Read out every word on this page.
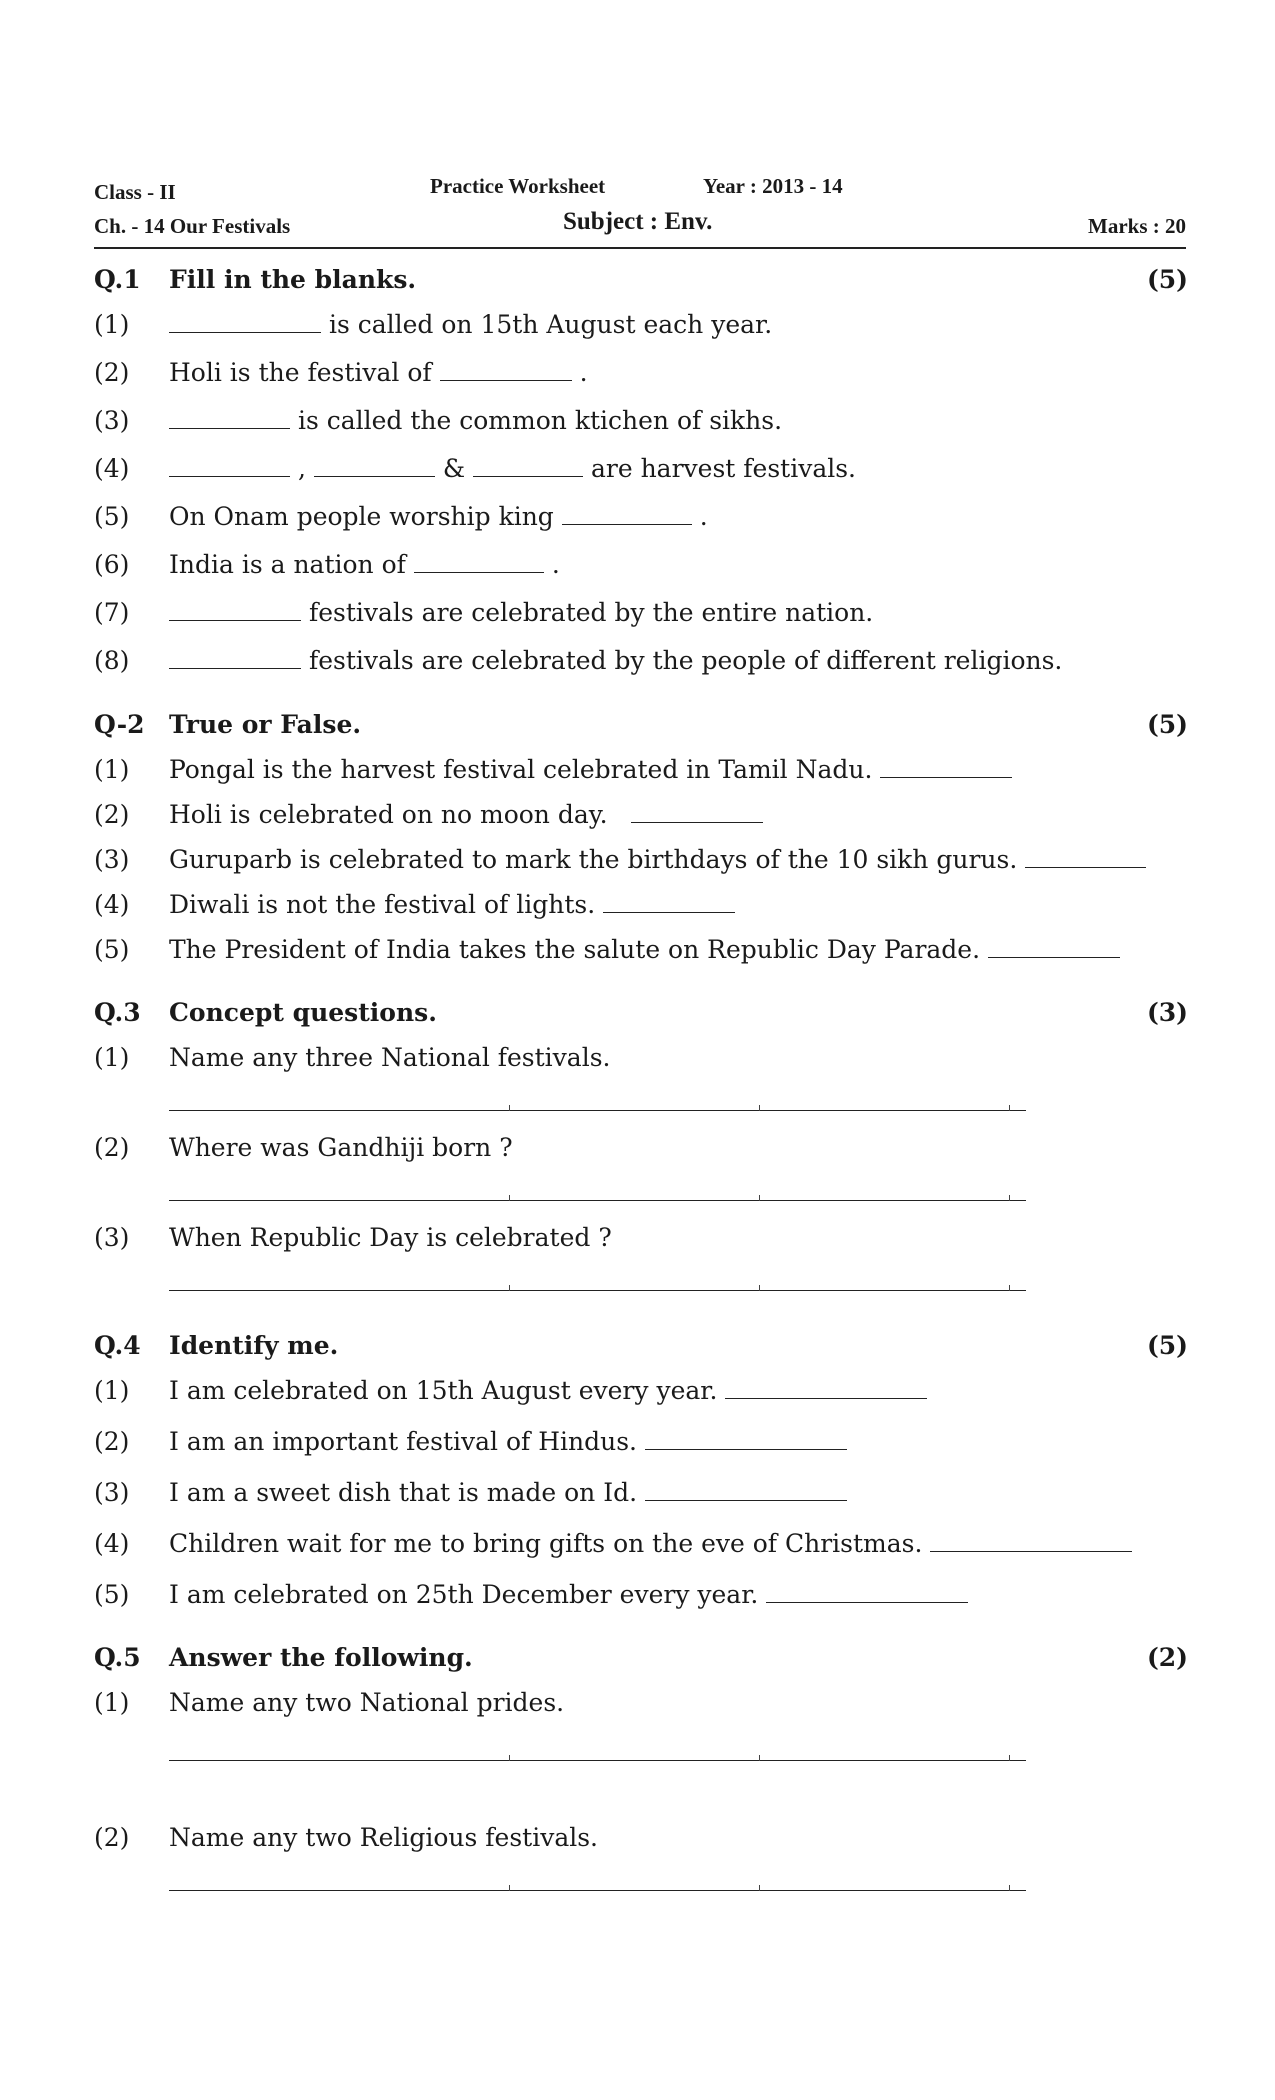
Class - II	Practice Worksheet	Year : 2013 - 14
Ch. - 14 Our Festivals	Subject : Env.	Marks : 20
Q.1 Fill in the blanks.	(5)
(1)	is called on 15th August each year.
(2) Holi is the festival of	.
(3)	is called the common ktichen of sikhs.
(4)	,	&	are harvest festivals.
(5) On Onam people worship king	.
(6) India is a nation of	.
(7)	festivals are celebrated by the entire nation.
(8)	festivals are celebrated by the people of different religions.
Q-2 True or False.	(5)
(1) Pongal is the harvest festival celebrated in Tamil Nadu.
(2) Holi is celebrated on no moon day.
(3) Guruparb is celebrated to mark the birthdays of the 10 sikh gurus.
(4) Diwali is not the festival of lights.
(5) The President of India takes the salute on Republic Day Parade.
Q.3 Concept questions.	(3)
(1) Name any three National festivals.
(2) Where was Gandhiji born ?
(3) When Republic Day is celebrated ?
Q.4 Identify me.	(5)
(1) I am celebrated on 15th August every year.
(2) I am an important festival of Hindus.
(3) I am a sweet dish that is made on Id.
(4) Children wait for me to bring gifts on the eve of Christmas.
(5) I am celebrated on 25th December every year.
Q.5 Answer the following.	(2)
(1) Name any two National prides.
(2) Name any two Religious festivals.
